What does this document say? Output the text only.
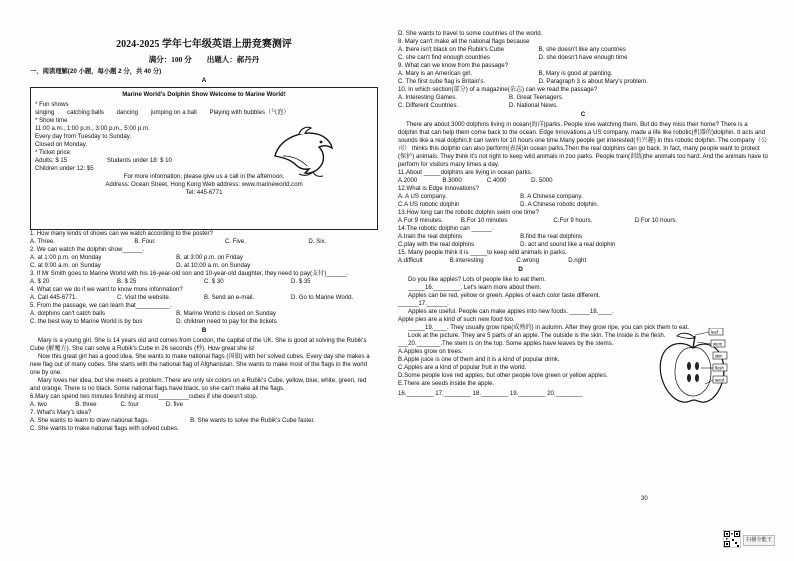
2024-2025 学年七年级英语上册竞赛测评
满分：100 分　　出题人：郝丹丹
一、阅读理解(20 小题，每小题 2 分，共 40 分)
A
Marine World's Dolphin Show Welcome to Marine World!
* Fun shows
singing catching balls dancing jumping on a ball Playing with bubbles（气泡）
* Show time
11:00 a.m., 1:00 p.m., 3:00 p.m., 5:00 p.m.
Every day from Tuesday to Sunday.
Closed on Monday.
* Ticket price:
Adults: $ 15	Students under 18: $ 10
Children under 12: $5
For more information, please give us a call in the afternoon.
Address: Ocean Street, Hong Kong Web address: www.marineworld.com
Tel: 445-6771
1. How many kinds of shows can we watch according to the poster?
A. Three.	B. Four.	C. Five.	D. Six.
2. We can watch the dolphin show______.
A. at 1:00 p.m. on Monday	B. at 3:00 p.m. on Friday
C. at 9:00 a.m. on Sunday	D. at 10:00 a.m. on Sunday
3. If Mr Smith goes to Marine World with his 16-year-old son and 10-year-old daughter, they need to pay(支付)______.
A. $ 20	B. $ 25	C. $ 30	D. $ 35
4. What can we do if we want to know more information?
A. Call 445-6771.	C. Visit the website.	B. Send an e-mail.	D. Go to Marine World.
5. From the passage, we can learn that__________.
A. dolphins can't catch balls	B. Marine World is closed on Sunday
C. the best way to Marine World is by bus	D. children need to pay for the tickets
B

Mary is a young girl. She is 14 years old and comes from London, the capital of the UK. She is good at solving the Rubik's Cube (解魔方). She can solve a Rubik's Cube in 26 seconds (秒). How great she is!

Now this great girl has a good idea. She wants to make national flags (国旗) with her solved cubes. Every day she makes a new flag out of many cubes. She starts with the national flag of Afghanistan. She wants to make most of the flags in the world one by one.

Mary loves her idea, but she meets a problem. There are only six colors on a Rubik's Cube, yellow, blue, white, green, red and orange. There is no black. Some national flags have black, so she can't make all the flags.

6.Mary can spend two minutes finishing at most_________cubes if she doesn't stop.
A. two	B. three	C. four	D. five
7. What's Mary's idea?
A. She wants to learn to draw national flags.	B. She wants to solve the Rubik's Cube faster.
C. She wants to make national flags with solved cubes.
D. She wants to travel to some countries of the world.
8. Mary can't make all the national flags because
A. there isn't black on the Rubik's Cube	B. she doesn't like any countries
C. she can't find enough countries	D. she doesn't have enough time
9. What can we know from the passage?
A. Mary is an American girl.	B. Mary is good at painting.
C. The first cube flag is Britain's.	D. Paragraph 3 is about Mary's problem.
10. In which section(部分) of a magazine(杂志) can we read the passage?
A. Interesting Games.	B. Great Teenagers.
C. Different Countries.	D. National News.
C

There are about 3000 dolphins living in ocean(海洋)parks. People love watching them. But do they miss their home? There is a dolphin that can help them come back to the ocean. Edge Innovations,a US company, made a life like robotic(机器的)dolphin. It acts and sounds like a real dolphin.It can swim for 10 hours one time.Many people get interested(有兴趣) in this robotic dolphin. The company（公司） thinks this dolphin can also perform(表演)in ocean parks.Then the real dolphins can go back. In fact, many people want to protect (保护) animals. They think it's not right to keep wild animals in zoo parks. People train(训练)the animals too hard. And the animals have to perform for visitors many times a day.

11.About _____dolphins are living in ocean parks.
A.2000	B.3000	C.4000	D. 5000
12.What is Edge Innovations?
A. A US company.	B. A Chinese company.
C.A US robotic dolphin	D. A Chinese robotic dolphin.
13.How long can the robotic dolphin swim one time?
A.For 9 minutes.	B.For 10 minutes	C.For 9 hours.	D.For 10 hours.
14.The robotic dolphin can ______.
A.train the real dolphins	B.find the real dolphins
C.play with the real dolphins	D. act and sound like a real dolphin
15. Many people think it is _____to keep wild animals in parks.
A.difficult	B.interesting	C.wrong	D.right
D
Do you like apples? Lots of people like to eat them.
_____16.________. Let's learn more about them.
Apples can be red, yellow or green. Apples of each color taste different.
______17.______.
Apples are useful. People can make apples into new foods. ______18.____.
Apple pies are a kind of such new food too.
_____19.____. They usually grow ripe(成熟的) in autumn. After they grow ripe, you can pick them to eat.
Look at the picture. They are 5 parts of an apple. The outside is the skin. The inside is the flesh.
___20._______.The stem is on the top. Some apples have leaves by the stems.
A.Apples grow on trees.
B.Apple juice is one of them and it is a kind of popular drink.
C.Apples are a kind of popular fruit in the world.
D.Some people love red apples, but other people love green or yellow apples.
E.There are seeds inside the apple.
16.________ 17.________ 18.________ 19.________ 20.________
leaf
stem
skin
flesh
seed
30
扫描全能王
